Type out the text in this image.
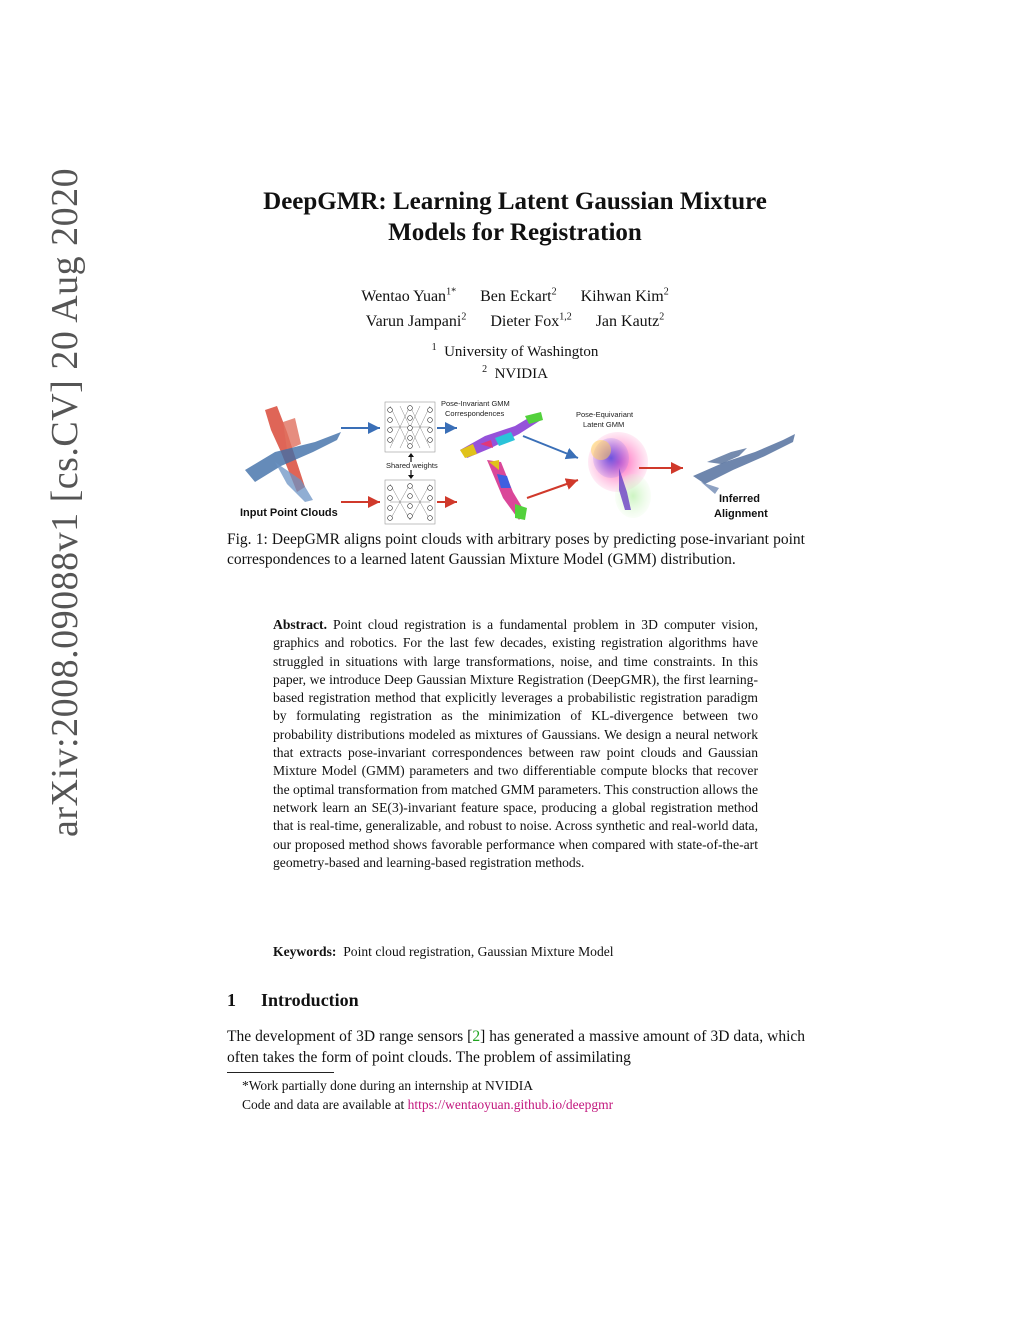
arXiv:2008.09088v1 [cs.CV] 20 Aug 2020	DeepGMR: Learning Latent Gaussian Mixture
Models for Registration
Wentao Yuan$^{1*}$ Ben Eckart$^2$ Kihwan Kim$^2$
Varun Jampani$^2$ Dieter Fox$^{1,2}$ Jan Kautz$^2$
$^1$ University of Washington
$^2$ NVIDIA
Input Point Clouds
Shared weights
Pose-Invariant GMM
Correspondences	Pose-Equivariant
Latent GMM
Inferred
Alignment
Fig. 1: DeepGMR aligns point clouds with arbitrary poses by predicting pose-invariant point correspondences to a learned latent Gaussian Mixture Model (GMM) distribution.
Abstract. Point cloud registration is a fundamental problem in 3D computer vision, graphics and robotics. For the last few decades, existing registration algorithms have struggled in situations with large transformations, noise, and time constraints. In this paper, we introduce Deep Gaussian Mixture Registration (DeepGMR), the first learning-based registration method that explicitly leverages a probabilistic registration paradigm by formulating registration as the minimization of KL-divergence between two probability distributions modeled as mixtures of Gaussians. We design a neural network that extracts pose-invariant correspondences between raw point clouds and Gaussian Mixture Model (GMM) parameters and two differentiable compute blocks that recover the optimal transformation from matched GMM parameters. This construction allows the network learn an SE(3)-invariant feature space, producing a global registration method that is real-time, generalizable, and robust to noise. Across synthetic and real-world data, our proposed method shows favorable performance when compared with state-of-the-art geometry-based and learning-based registration methods.
Keywords: Point cloud registration, Gaussian Mixture Model
1 Introduction
The development of 3D range sensors [2] has generated a massive amount of 3D data, which often takes the form of point clouds. The problem of assimilating
*Work partially done during an internship at NVIDIA
Code and data are available at https://wentaoyuan.github.io/deepgmr
